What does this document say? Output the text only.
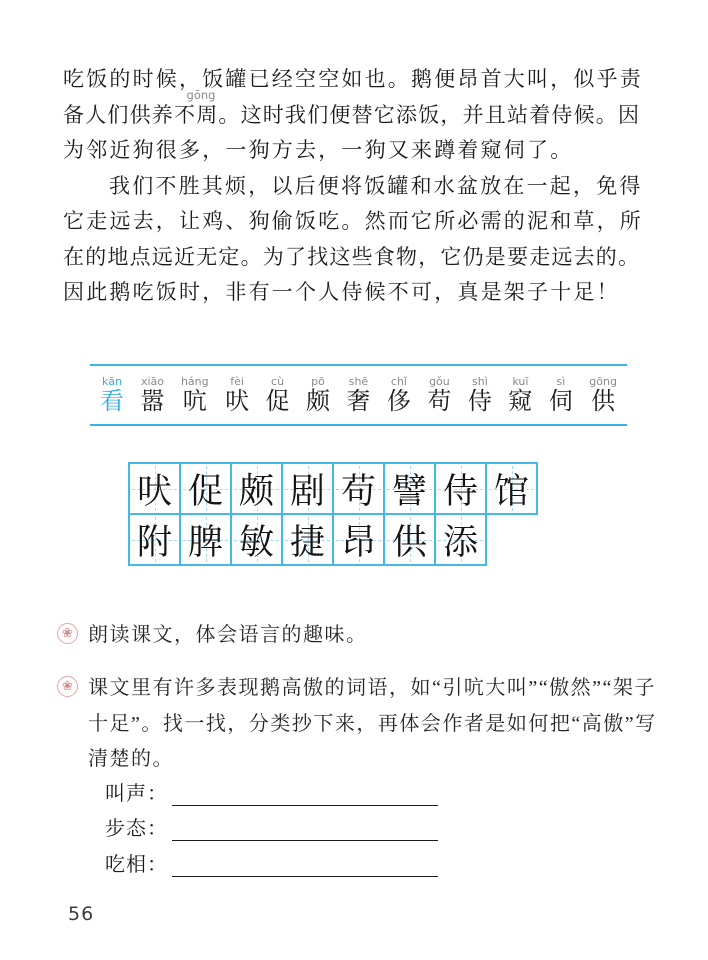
gōng
吃饭的时候，饭罐已经空空如也。鹅便昂首大叫，似乎责
备人们供养不周。这时我们便替它添饭，并且站着侍候。因
为邻近狗很多，一狗方去，一狗又来蹲着窥伺了。
我们不胜其烦，以后便将饭罐和水盆放在一起，免得
它走远去，让鸡、狗偷饭吃。然而它所必需的泥和草，所
在的地点远近无定。为了找这些食物，它仍是要走远去的。
因此鹅吃饭时，非有一个人侍候不可，真是架子十足！
kān
看
xiāo
嚣
háng
吭
fèi
吠
cù
促
pō
颇
shē
奢
chǐ
侈
gǒu
苟
shì
侍
kuī
窥
sì
伺
gōng
供
吠 促 颇 剧 苟 譬 侍 馆
附 脾 敏 捷 昂 供 添
❀ 朗读课文，体会语言的趣味。
❀ 课文里有许多表现鹅高傲的词语，如“引吭大叫”“傲然”“架子
十足”。找一找，分类抄下来，再体会作者是如何把“高傲”写
清楚的。
叫声：
步态：
吃相：
56
